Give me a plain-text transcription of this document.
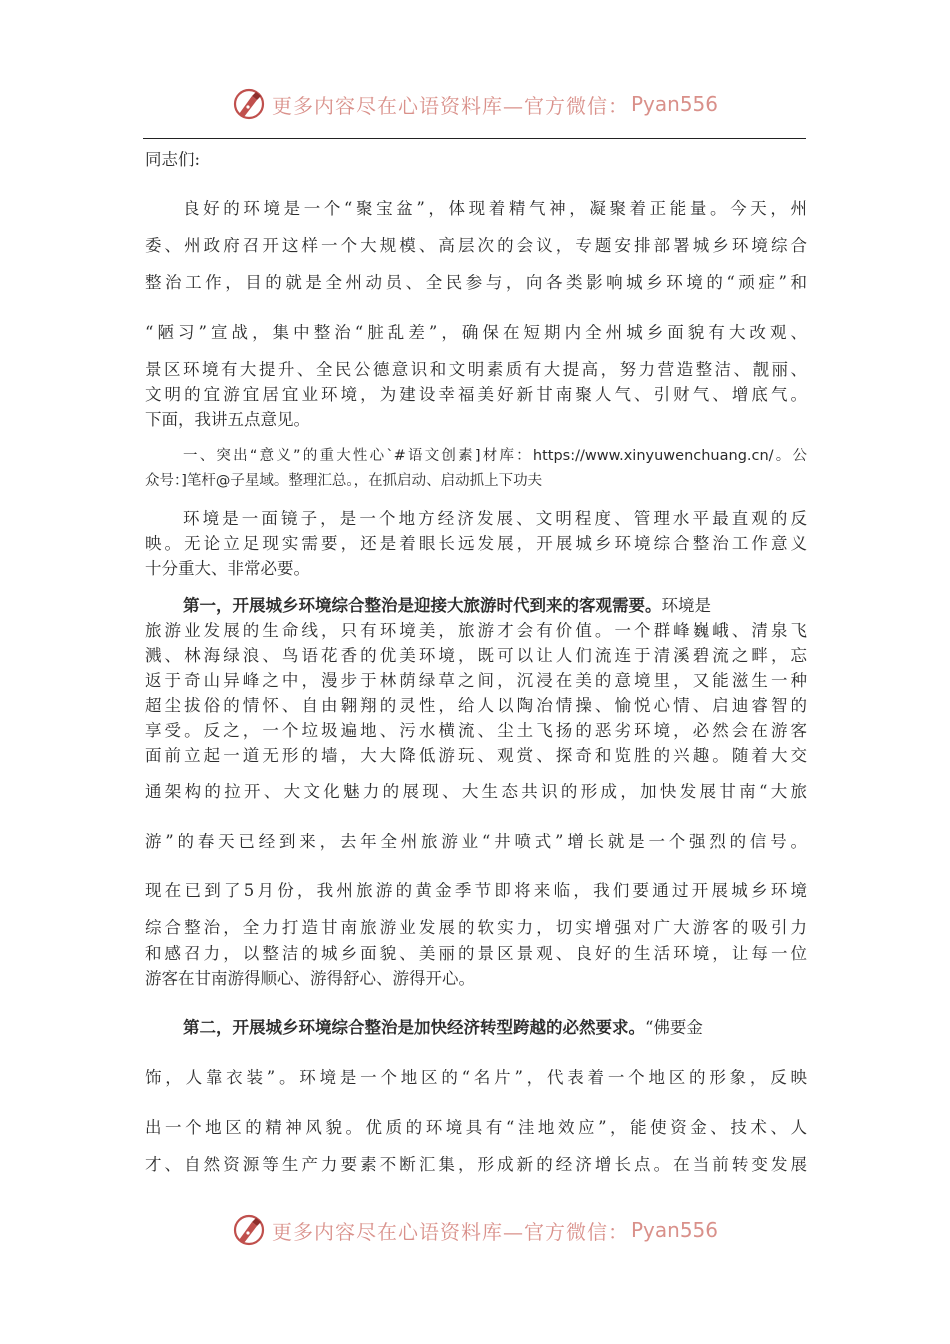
更多内容尽在心语资料库—官方微信： Pyan556

同志们:

良好的环境是一个“聚宝盆”，体现着精气神，凝聚着正能量。今天，州

委、州政府召开这样一个大规模、高层次的会议，专题安排部署城乡环境综合

整治工作，目的就是全州动员、全民参与，向各类影响城乡环境的“顽症”和

“陋习”宣战，集中整治“脏乱差”，确保在短期内全州城乡面貌有大改观、

景区环境有大提升、全民公德意识和文明素质有大提高，努力营造整洁、靓丽、

文明的宜游宜居宜业环境，为建设幸福美好新甘南聚人气、引财气、增底气。

下面，我讲五点意见。

一、突出“意义”的重大性心`#语文创素]材库：https://www.xinyuwenchuang.cn/。公

众号：]笔杆@子星域。整理汇总。，在抓启动、启动抓上下功夫

环境是一面镜子，是一个地方经济发展、文明程度、管理水平最直观的反

映。无论立足现实需要，还是着眼长远发展，开展城乡环境综合整治工作意义

十分重大、非常必要。

第一，开展城乡环境综合整治是迎接大旅游时代到来的客观需要。环境是

旅游业发展的生命线，只有环境美，旅游才会有价值。一个群峰巍峨、清泉飞

溅、林海绿浪、鸟语花香的优美环境，既可以让人们流连于清溪碧流之畔，忘

返于奇山异峰之中，漫步于林荫绿草之间，沉浸在美的意境里，又能滋生一种

超尘拔俗的情怀、自由翱翔的灵性，给人以陶冶情操、愉悦心情、启迪睿智的

享受。反之，一个垃圾遍地、污水横流、尘土飞扬的恶劣环境，必然会在游客

面前立起一道无形的墙，大大降低游玩、观赏、探奇和览胜的兴趣。随着大交

通架构的拉开、大文化魅力的展现、大生态共识的形成，加快发展甘南“大旅

游”的春天已经到来，去年全州旅游业“井喷式”增长就是一个强烈的信号。

现在已到了5月份，我州旅游的黄金季节即将来临，我们要通过开展城乡环境

综合整治，全力打造甘南旅游业发展的软实力，切实增强对广大游客的吸引力

和感召力，以整洁的城乡面貌、美丽的景区景观、良好的生活环境，让每一位

游客在甘南游得顺心、游得舒心、游得开心。

第二，开展城乡环境综合整治是加快经济转型跨越的必然要求。“佛要金

饰，人靠衣装”。环境是一个地区的“名片”，代表着一个地区的形象，反映

出一个地区的精神风貌。优质的环境具有“洼地效应”，能使资金、技术、人

才、自然资源等生产力要素不断汇集，形成新的经济增长点。在当前转变发展

更多内容尽在心语资料库—官方微信： Pyan556
